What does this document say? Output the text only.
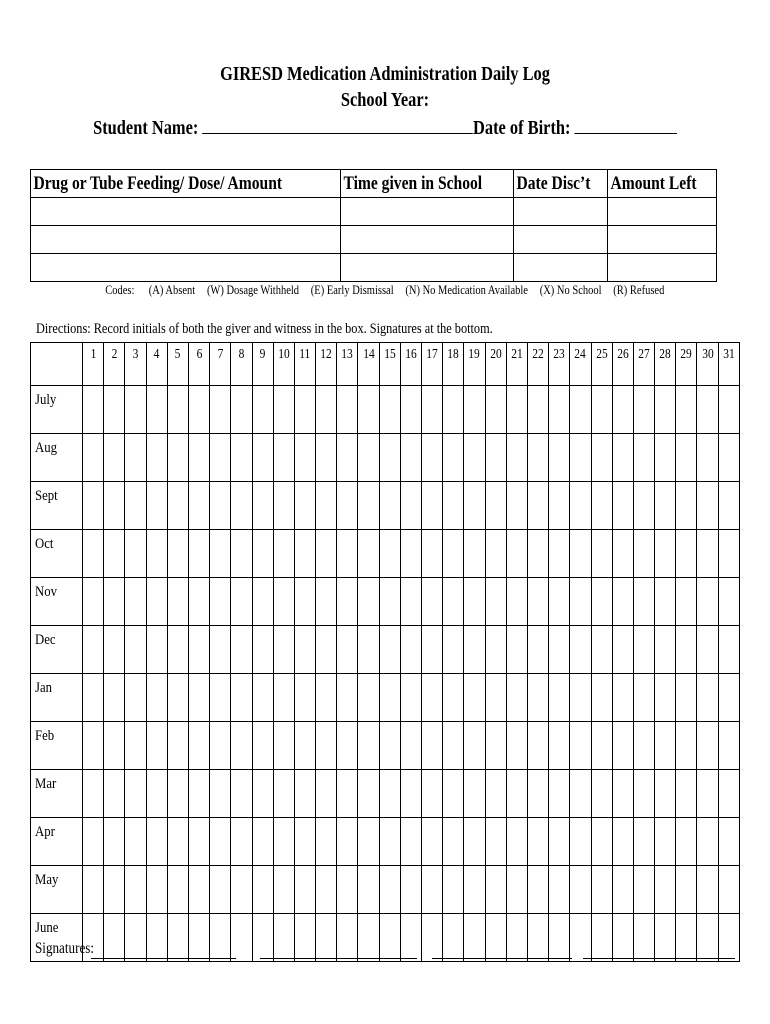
GIRESD Medication Administration Daily Log
School Year:
Student Name:	Date of Birth:
Drug or Tube Feeding/ Dose/ Amount	Time given in School	Date Disc’t	Amount Left

Codes: (A) Absent (W) Dosage Withheld (E) Early Dismissal (N) No Medication Available (X) No School (R) Refused
Directions: Record initials of both the giver and witness in the box. Signatures at the bottom.
	1	2	3	4	5	6	7	8	9	10	11	12	13	14	15	16	17	18	19	20	21	22	23	24	25	26	27	28	29	30	31
July																															
Aug																															
Sept																															
Oct																															
Nov																															
Dec																															
Jan																															
Feb																															
Mar																															
Apr																															
May																															
June																															
Signatures:
